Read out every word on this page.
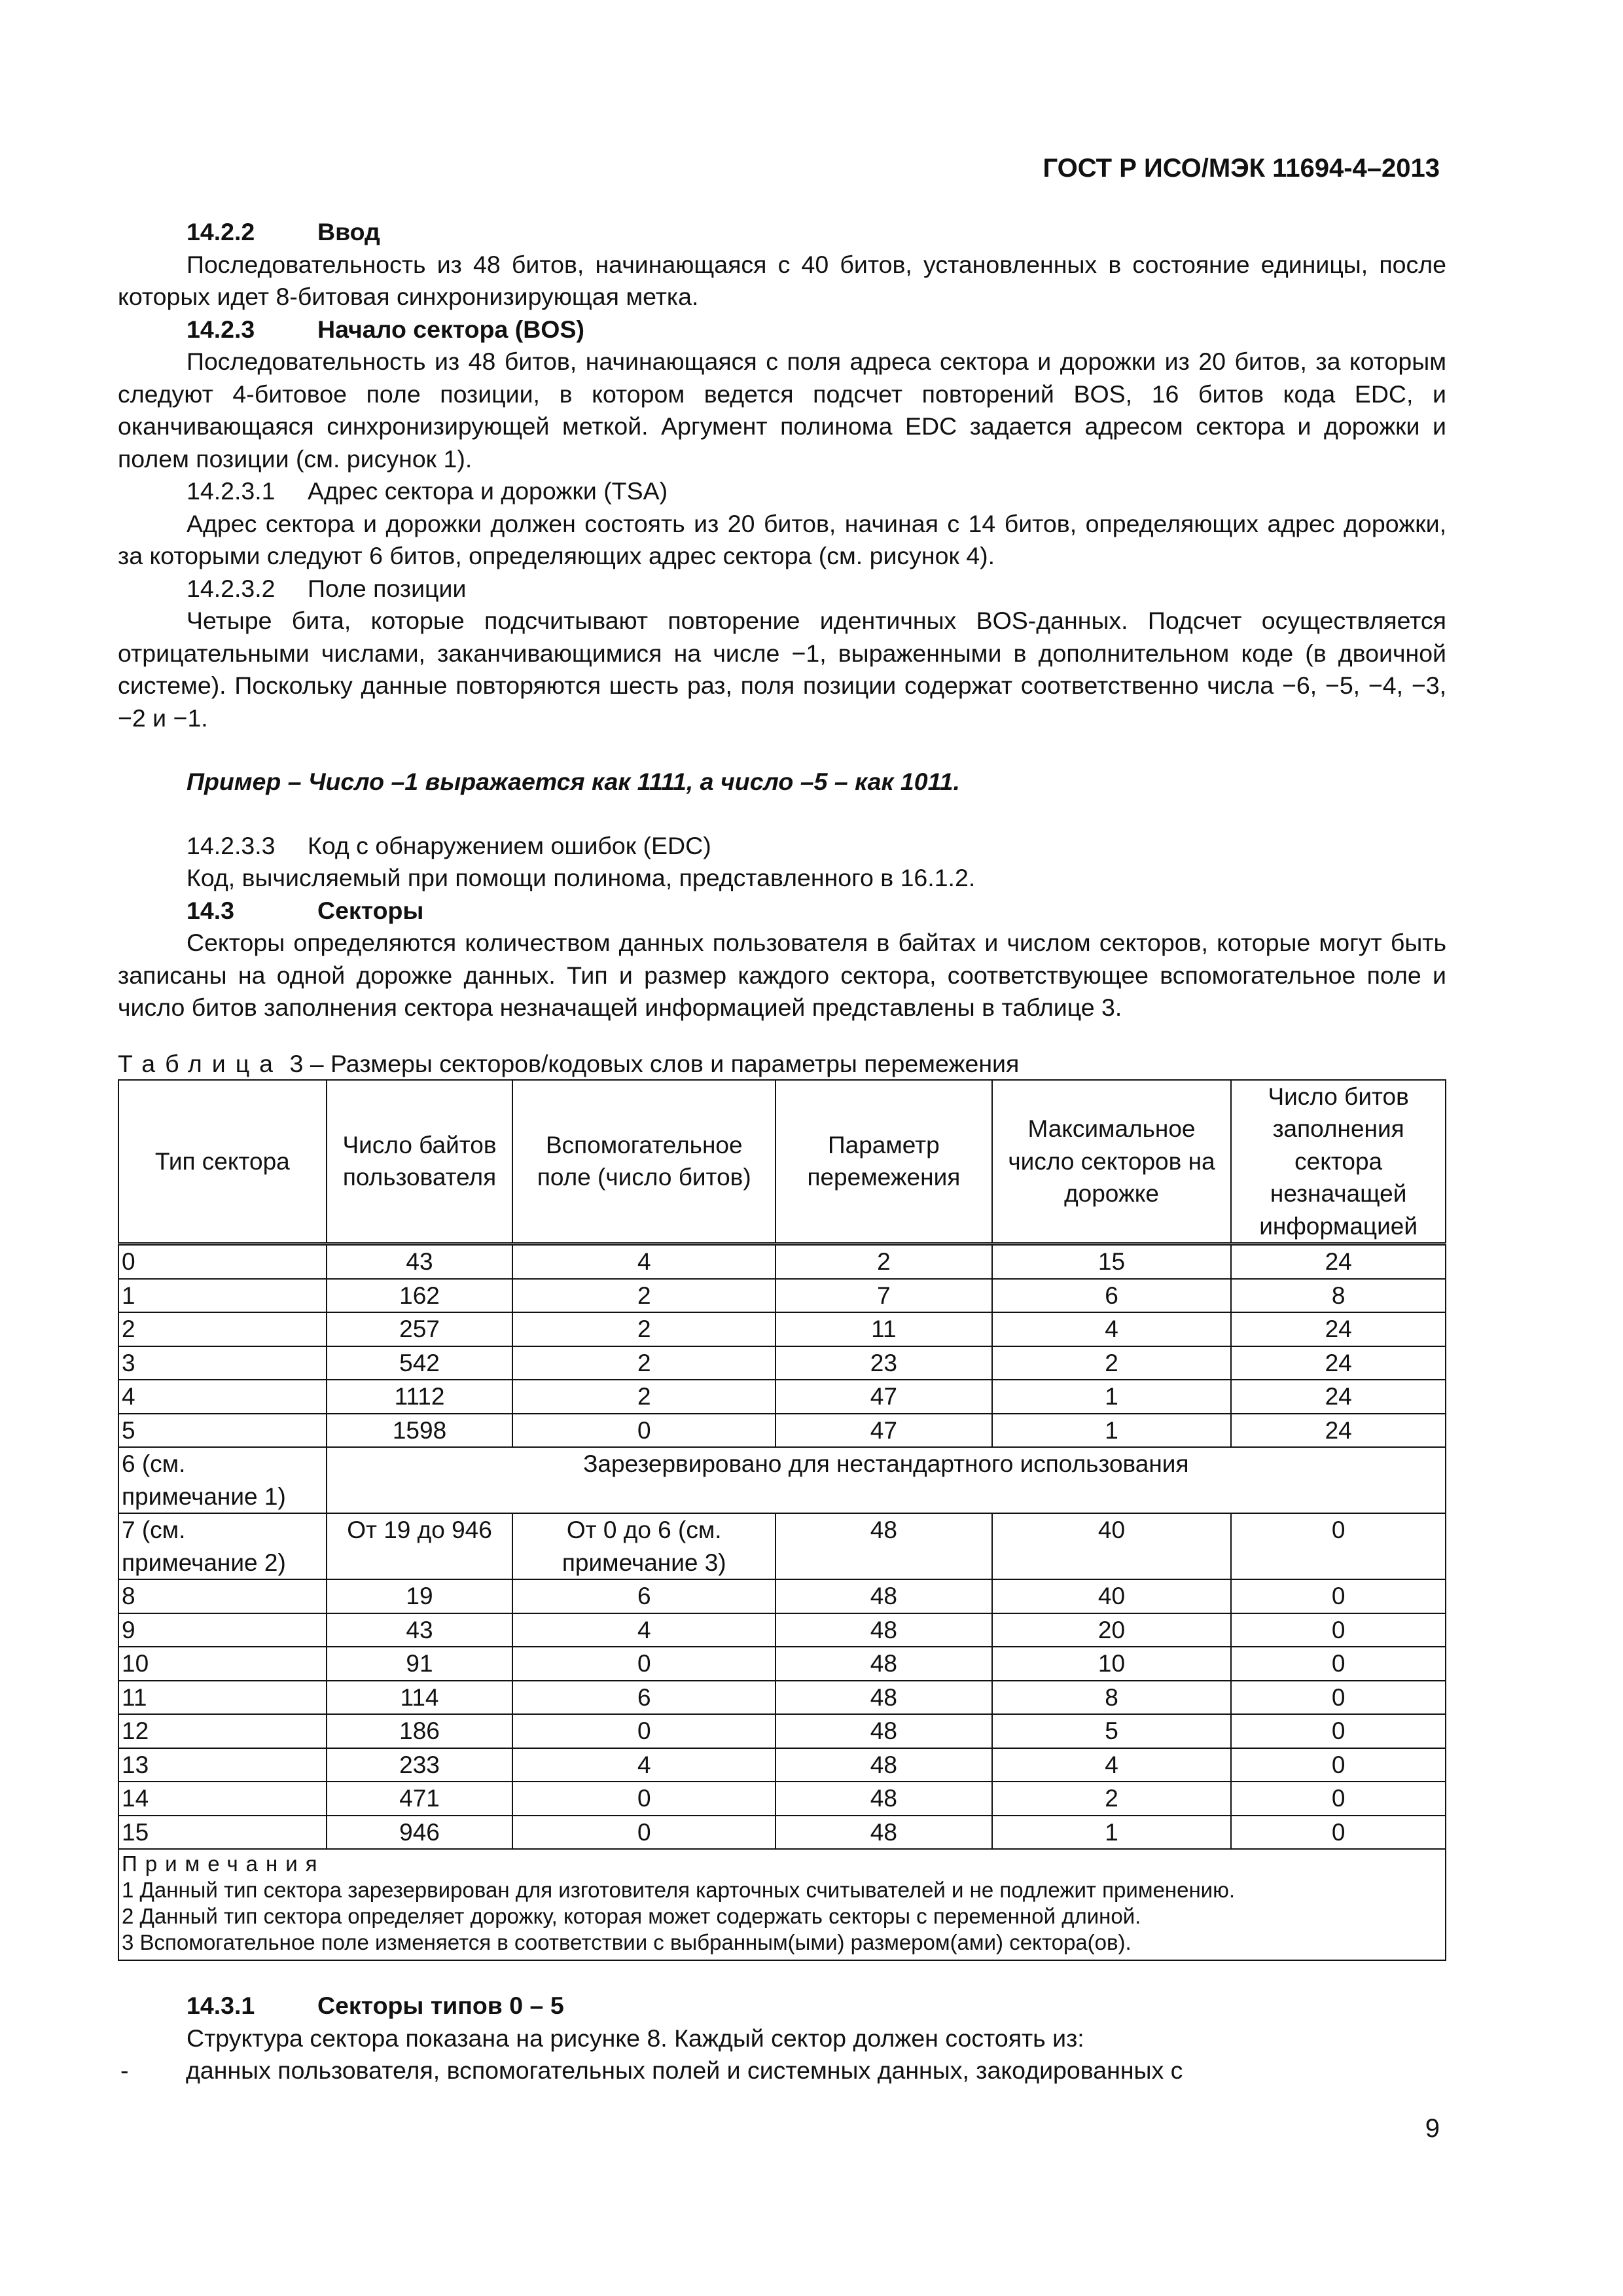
ГОСТ Р ИСО/МЭК 11694-4–2013

14.2.2	Ввод

Последовательность из 48 битов, начинающаяся с 40 битов, установленных в состояние единицы, после которых идет 8-битовая синхронизирующая метка.

14.2.3	Начало сектора (BOS)

Последовательность из 48 битов, начинающаяся с поля адреса сектора и дорожки из 20 битов, за которым следуют 4-битовое поле позиции, в котором ведется подсчет повторений BOS, 16 битов кода EDC, и оканчивающаяся синхронизирующей меткой. Аргумент полинома EDC задается адресом сектора и дорожки и полем позиции (см. рисунок 1).

14.2.3.1 Адрес сектора и дорожки (TSA)

Адрес сектора и дорожки должен состоять из 20 битов, начиная с 14 битов, определяющих адрес дорожки, за которыми следуют 6 битов, определяющих адрес сектора (см. рисунок 4).

14.2.3.2 Поле позиции

Четыре бита, которые подсчитывают повторение идентичных BOS-данных. Подсчет осуществляется отрицательными числами, заканчивающимися на числе −1, выраженными в дополнительном коде (в двоичной системе). Поскольку данные повторяются шесть раз, поля позиции содержат соответственно числа −6, −5, −4, −3, −2 и −1.

Пример – Число –1 выражается как 1111, а число –5 – как 1011.

14.2.3.3 Код с обнаружением ошибок (EDC)

Код, вычисляемый при помощи полинома, представленного в 16.1.2.

14.3	Секторы

Секторы определяются количеством данных пользователя в байтах и числом секторов, которые могут быть записаны на одной дорожке данных. Тип и размер каждого сектора, соответствующее вспомогательное поле и число битов заполнения сектора незначащей информацией представлены в таблице 3.

Таблица 3 – Размеры секторов/кодовых слов и параметры перемежения
Тип сектора	Число байтов пользователя	Вспомогательное поле (число битов)	Параметр перемежения	Максимальное число секторов на дорожке	Число битов заполнения сектора незначащей информацией
0	43	4	2	15	24
1	162	2	7	6	8
2	257	2	11	4	24
3	542	2	23	2	24
4	1112	2	47	1	24
5	1598	0	47	1	24
6 (см. примечание 1)	Зарезервировано для нестандартного использования				
7 (см. примечание 2)	От 19 до 946	От 0 до 6 (см. примечание 3)	48	40	0
8	19	6	48	40	0
9	43	4	48	20	0
10	91	0	48	10	0
11	114	6	48	8	0
12	186	0	48	5	0
13	233	4	48	4	0
14	471	0	48	2	0
15	946	0	48	1	0

Примечания
1 Данный тип сектора зарезервирован для изготовителя карточных считывателей и не подлежит применению.
2 Данный тип сектора определяет дорожку, которая может содержать секторы с переменной длиной.
3 Вспомогательное поле изменяется в соответствии с выбранным(ыми) размером(ами) сектора(ов).					

14.3.1	Секторы типов 0 – 5

Структура сектора показана на рисунке 8. Каждый сектор должен состоять из:

-	данных пользователя, вспомогательных полей и системных данных, закодированных с
9
